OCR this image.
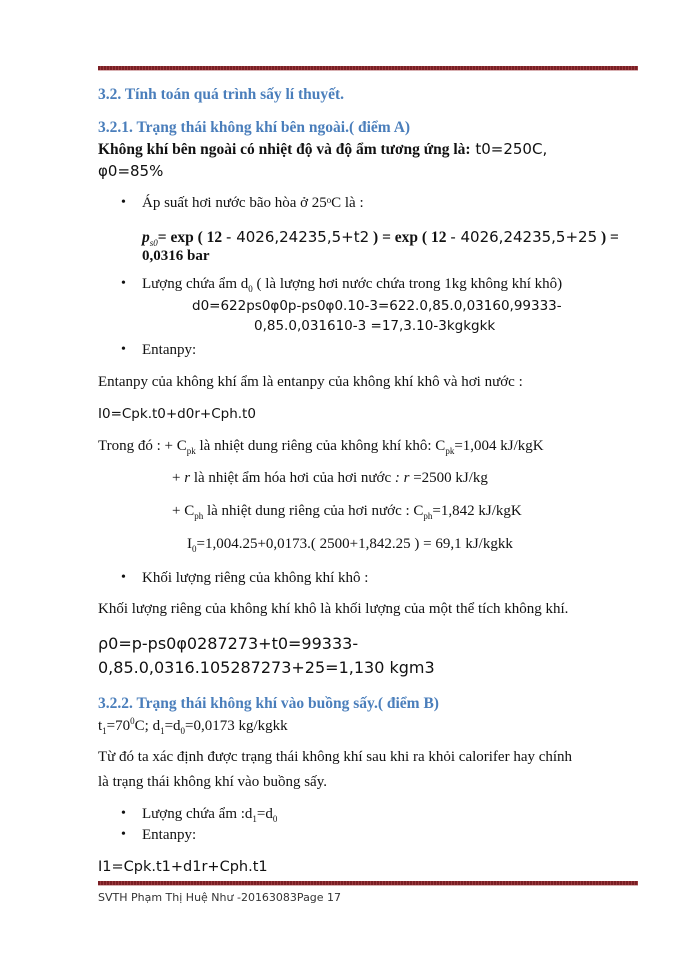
3.2. Tính toán quá trình sấy lí thuyết.
3.2.1. Trạng thái không khí bên ngoài.( điểm A)
Không khí bên ngoài có nhiệt độ và độ ẩm tương ứng là: t0=250C,
φ0=85%
• Áp suất hơi nước bão hòa ở 25ᵒC là :
$p_{s0}= \exp$ ( 12 - 4026,24235,5+t2 ) = exp ( 12 - 4026,24235,5+25 ) =
0,0316 bar
• Lượng chứa ẩm $d_0$ ( là lượng hơi nước chứa trong 1kg không khí khô)
d0=622ps0φ0p-ps0φ0.10-3=622.0,85.0,03160,99333-
0,85.0,031610-3 =17,3.10-3kgkgkk
• Entanpy:
Entanpy của không khí ẩm là entanpy của không khí khô và hơi nước :
I0=Cpk.t0+d0r+Cph.t0
Trong đó : + $C_{pk}$ là nhiệt dung riêng của không khí khô: $C_{pk}=1,004$ kJ/kgK
+ r là nhiệt ẩm hóa hơi của hơi nước : r =2500 kJ/kg
+ $C_{ph}$ là nhiệt dung riêng của hơi nước : $C_{ph}=1,842$ kJ/kgK
$I_0=1,004.25+0,0173$.( 2500+1,842.25 ) = 69,1 kJ/kgkk
• Khối lượng riêng của không khí khô :
Khối lượng riêng của không khí khô là khối lượng của một thể tích không khí.
ρ0=p-ps0φ0287273+t0=99333-
0,85.0,0316.105287273+25=1,130 kgm3
3.2.2. Trạng thái không khí vào buồng sấy.( điểm B)
$t_1=70^0C$; $d_1=d_0=0,0173$ kg/kgkk
Từ đó ta xác định được trạng thái không khí sau khi ra khỏi calorifer hay chính
là trạng thái không khí vào buồng sấy.
• Lượng chứa ẩm $:d_1=d_0$
• Entanpy:
I1=Cpk.t1+d1r+Cph.t1
SVTH Phạm Thị Huệ Như -20163083Page 17
